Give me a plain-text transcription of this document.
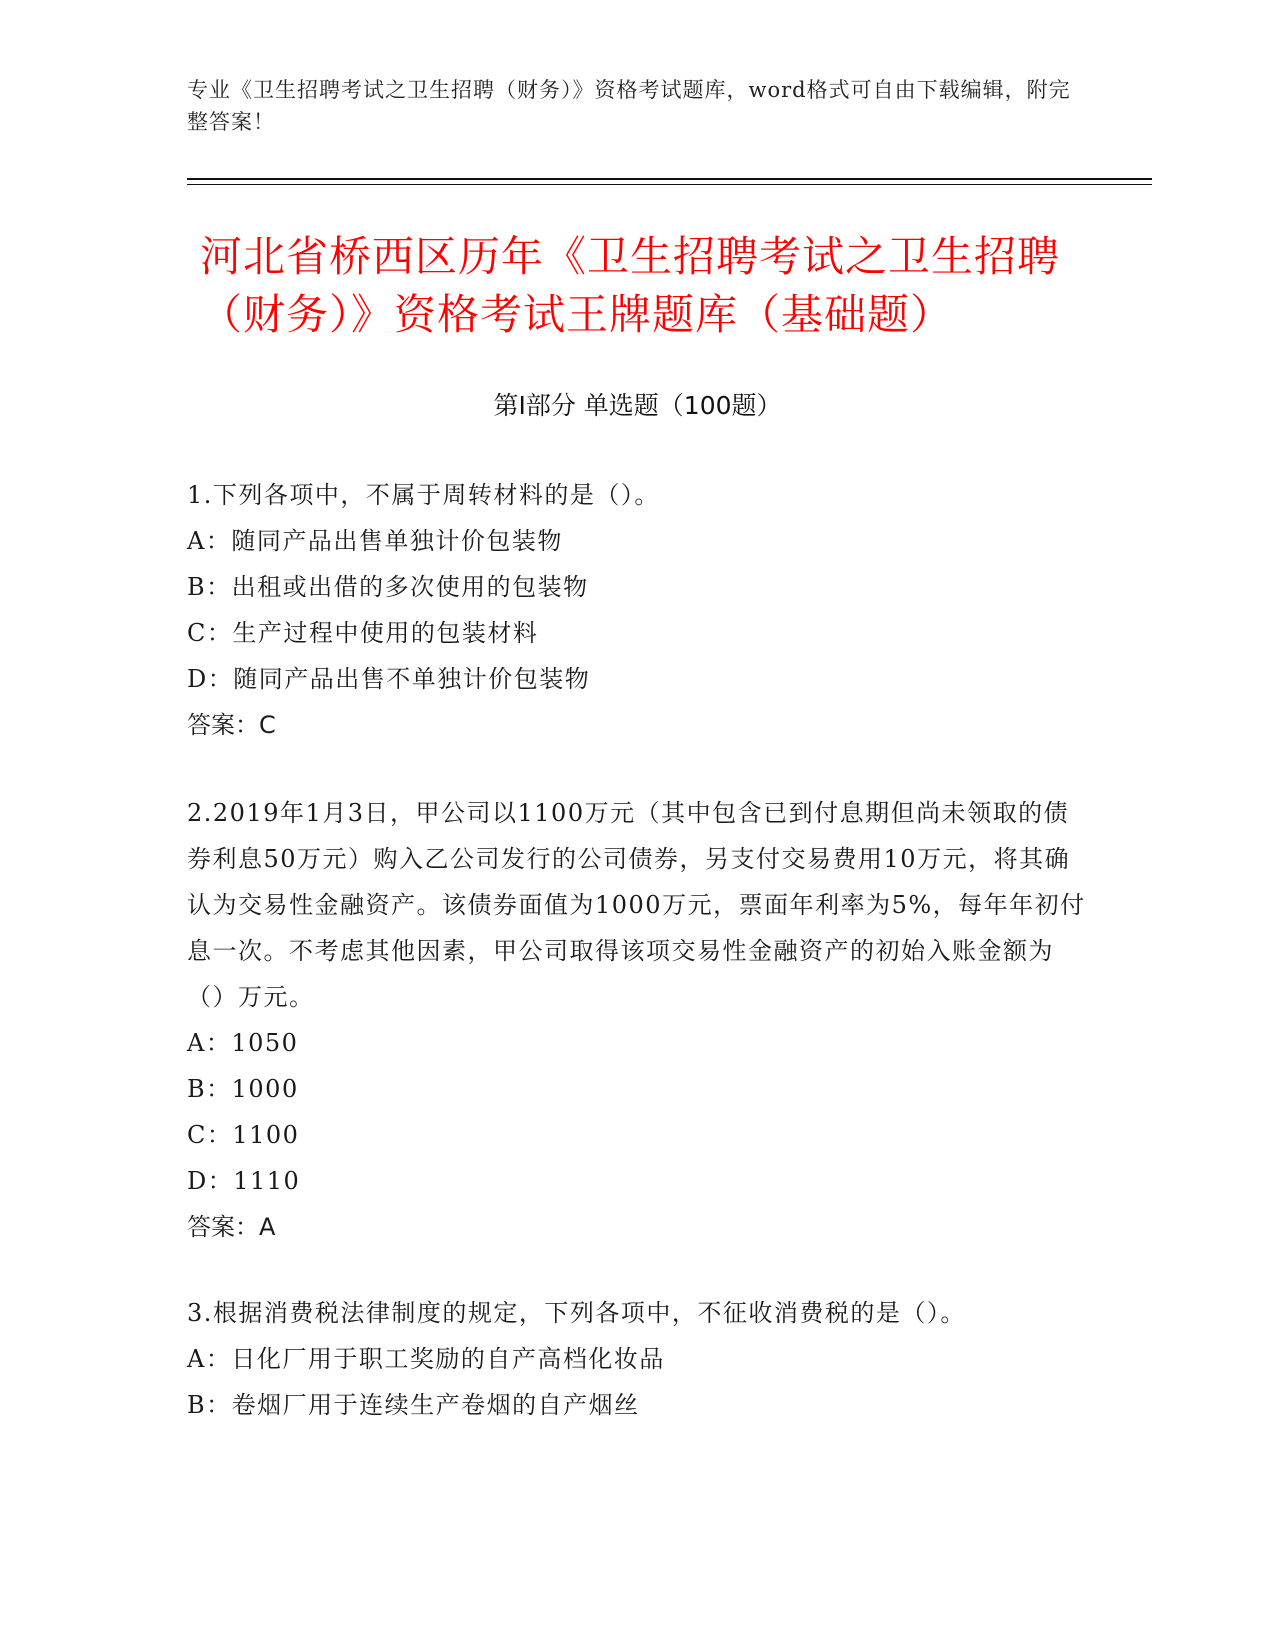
专业《卫生招聘考试之卫生招聘（财务）》资格考试题库，word格式可自由下载编辑，附完整答案！
河北省桥西区历年《卫生招聘考试之卫生招聘（财务）》资格考试王牌题库（基础题）
第I部分 单选题（100题）
1.下列各项中，不属于周转材料的是（）。
A：随同产品出售单独计价包装物
B：出租或出借的多次使用的包装物
C：生产过程中使用的包装材料
D：随同产品出售不单独计价包装物
答案：C
2.2019年1月3日，甲公司以1100万元（其中包含已到付息期但尚未领取的债券利息50万元）购入乙公司发行的公司债券，另支付交易费用10万元，将其确认为交易性金融资产。该债券面值为1000万元，票面年利率为5%，每年年初付息一次。不考虑其他因素，甲公司取得该项交易性金融资产的初始入账金额为（）万元。
A：1050
B：1000
C：1100
D：1110
答案：A
3.根据消费税法律制度的规定，下列各项中，不征收消费税的是（）。
A：日化厂用于职工奖励的自产高档化妆品
B：卷烟厂用于连续生产卷烟的自产烟丝
